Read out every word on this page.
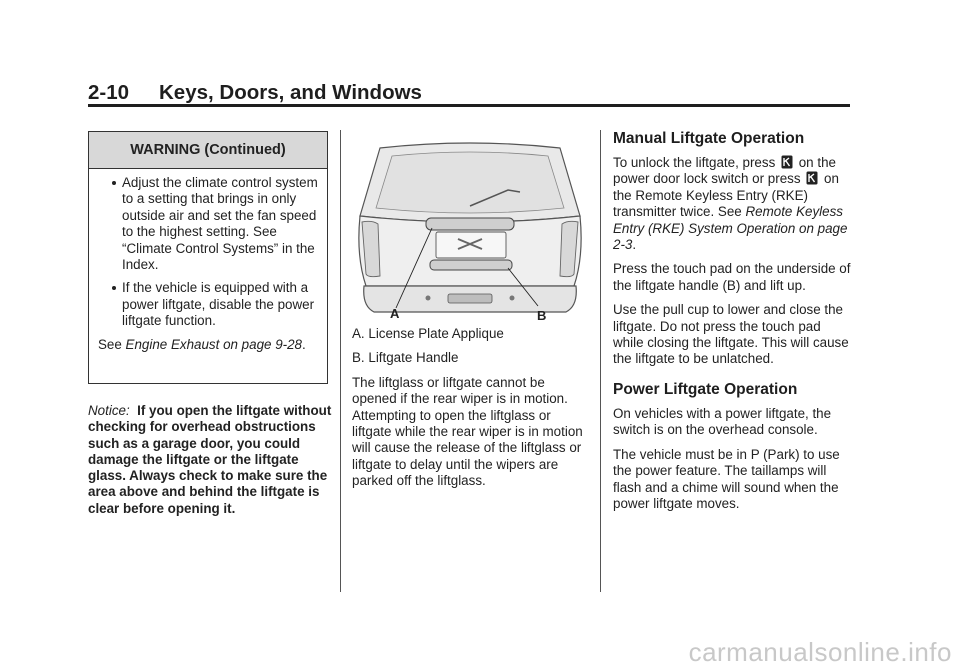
2-10 Keys, Doors, and Windows
WARNING (Continued)
Adjust the climate control system to a setting that brings in only outside air and set the fan speed to the highest setting. See “Climate Control Systems” in the Index.
If the vehicle is equipped with a power liftgate, disable the power liftgate function.
See Engine Exhaust on page 9-28.
Notice: If you open the liftgate without checking for overhead obstructions such as a garage door, you could damage the liftgate or the liftgate glass. Always check to make sure the area above and behind the liftgate is clear before opening it.
A	B
A. License Plate Applique
B. Liftgate Handle
The liftglass or liftgate cannot be opened if the rear wiper is in motion. Attempting to open the liftglass or liftgate while the rear wiper is in motion will cause the release of the liftglass or liftgate to delay until the wipers are parked off the liftglass.
Manual Liftgate Operation
To unlock the liftgate, press on the power door lock switch or press on the Remote Keyless Entry (RKE) transmitter twice. See Remote Keyless Entry (RKE) System Operation on page 2-3.
Press the touch pad on the underside of the liftgate handle (B) and lift up.
Use the pull cup to lower and close the liftgate. Do not press the touch pad while closing the liftgate. This will cause the liftgate to be unlatched.
Power Liftgate Operation
On vehicles with a power liftgate, the switch is on the overhead console.
The vehicle must be in P (Park) to use the power feature. The taillamps will flash and a chime will sound when the power liftgate moves.
carmanualsonline.info
